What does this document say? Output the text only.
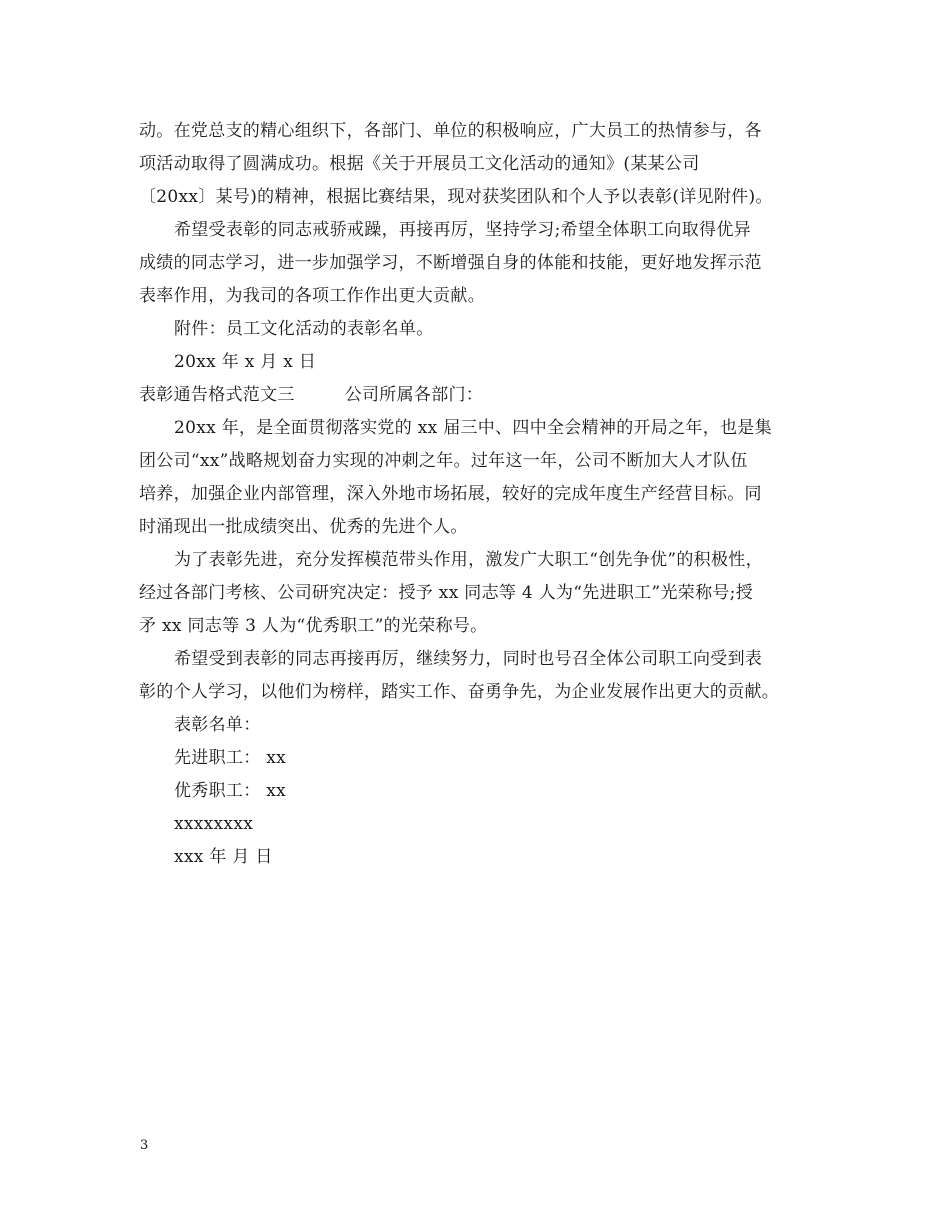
动。在党总支的精心组织下，各部门、单位的积极响应，广大员工的热情参与，各
项活动取得了圆满成功。根据《关于开展员工文化活动的通知》(某某公司
〔20xx〕某号)的精神，根据比赛结果，现对获奖团队和个人予以表彰(详见附件)。
希望受表彰的同志戒骄戒躁，再接再厉，坚持学习;希望全体职工向取得优异
成绩的同志学习，进一步加强学习，不断增强自身的体能和技能，更好地发挥示范
表率作用，为我司的各项工作作出更大贡献。
附件：员工文化活动的表彰名单。
20xx 年 x 月 x 日
表彰通告格式范文三	公司所属各部门：
20xx 年，是全面贯彻落实党的 xx 届三中、四中全会精神的开局之年，也是集
团公司“xx”战略规划奋力实现的冲刺之年。过年这一年，公司不断加大人才队伍
培养，加强企业内部管理，深入外地市场拓展，较好的完成年度生产经营目标。同
时涌现出一批成绩突出、优秀的先进个人。
为了表彰先进，充分发挥模范带头作用，激发广大职工“创先争优”的积极性，
经过各部门考核、公司研究决定：授予 xx 同志等 4 人为“先进职工”光荣称号;授
矛 xx 同志等 3 人为“优秀职工”的光荣称号。
希望受到表彰的同志再接再厉，继续努力，同时也号召全体公司职工向受到表
彰的个人学习，以他们为榜样，踏实工作、奋勇争先，为企业发展作出更大的贡献。
表彰名单：
先进职工： xx
优秀职工： xx
xxxxxxxx
xxx 年 月 日
3
